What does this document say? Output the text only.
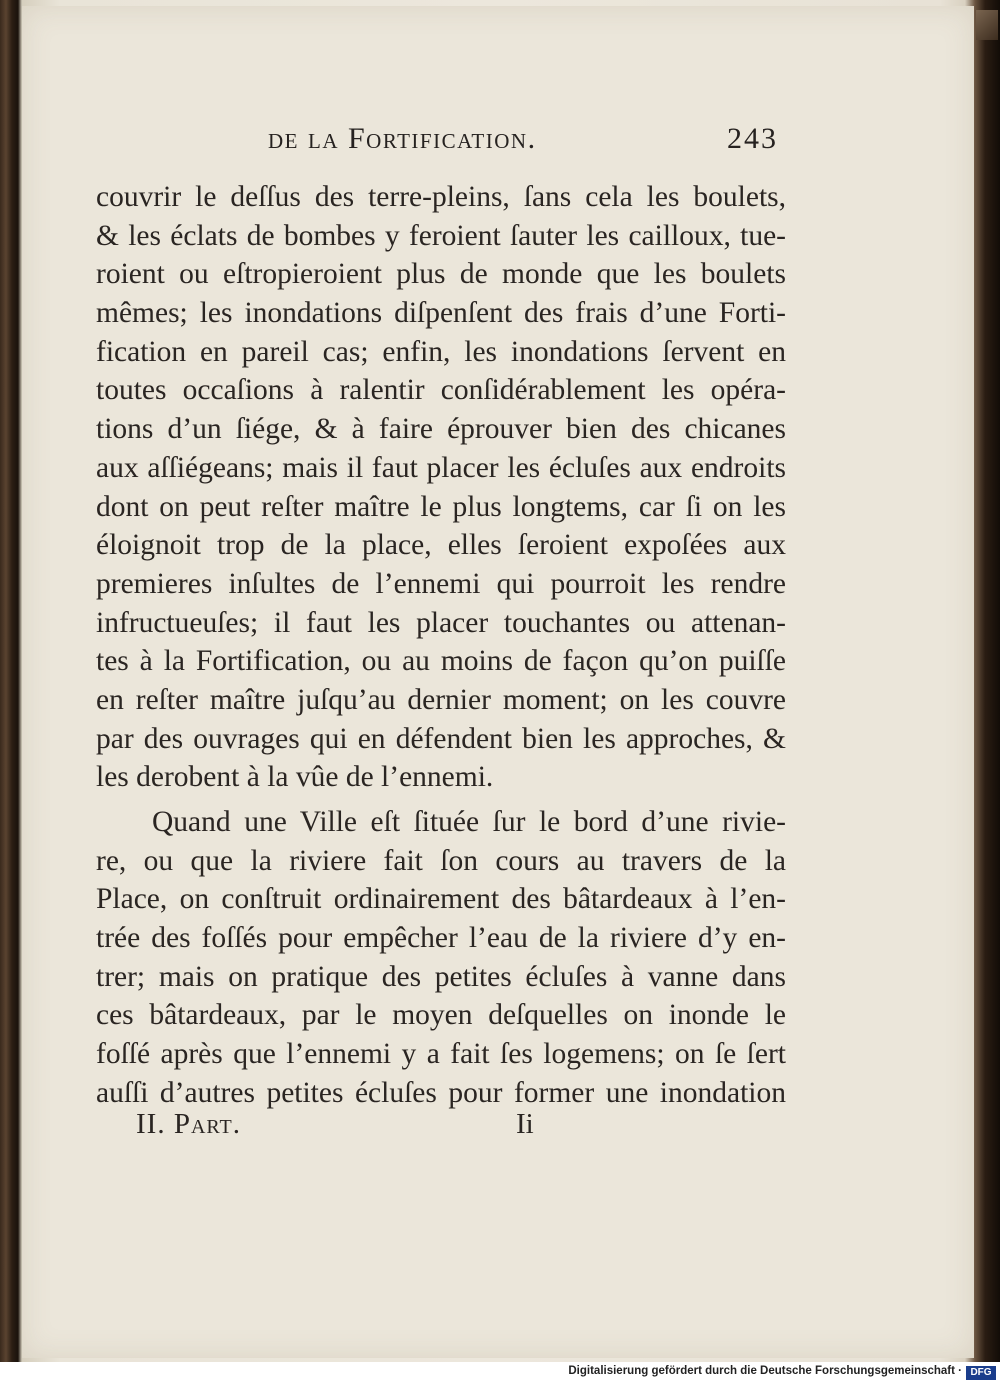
de la Fortification.	243
couvrir le deſſus des terre-pleins, ſans cela les boulets,
& les éclats de bombes y feroient ſauter les cailloux, tue-
roient ou eſtropieroient plus de monde que les boulets
mêmes; les inondations diſpenſent des frais d’une Forti-
fication en pareil cas; enfin, les inondations ſervent en
toutes occaſions à ralentir conſidérablement les opéra-
tions d’un ſiége, & à faire éprouver bien des chicanes
aux aſſiégeans; mais il faut placer les écluſes aux endroits
dont on peut reſter maître le plus longtems, car ſi on les
éloignoit trop de la place, elles ſeroient expoſées aux
premieres inſultes de l’ennemi qui pourroit les rendre
infructueuſes; il faut les placer touchantes ou attenan-
tes à la Fortification, ou au moins de façon qu’on puiſſe
en reſter maître juſqu’au dernier moment; on les couvre
par des ouvrages qui en défendent bien les approches, &
les derobent à la vûe de l’ennemi.
Quand une Ville eſt ſituée ſur le bord d’une rivie-
re, ou que la riviere fait ſon cours au travers de la
Place, on conſtruit ordinairement des bâtardeaux à l’en-
trée des foſſés pour empêcher l’eau de la riviere d’y en-
trer; mais on pratique des petites écluſes à vanne dans
ces bâtardeaux, par le moyen deſquelles on inonde le
foſſé après que l’ennemi y a fait ſes logemens; on ſe ſert
auſſi d’autres petites écluſes pour former une inondation
II. Part.	Ii
Digitalisierung gefördert durch die Deutsche Forschungsgemeinschaft · DFG
